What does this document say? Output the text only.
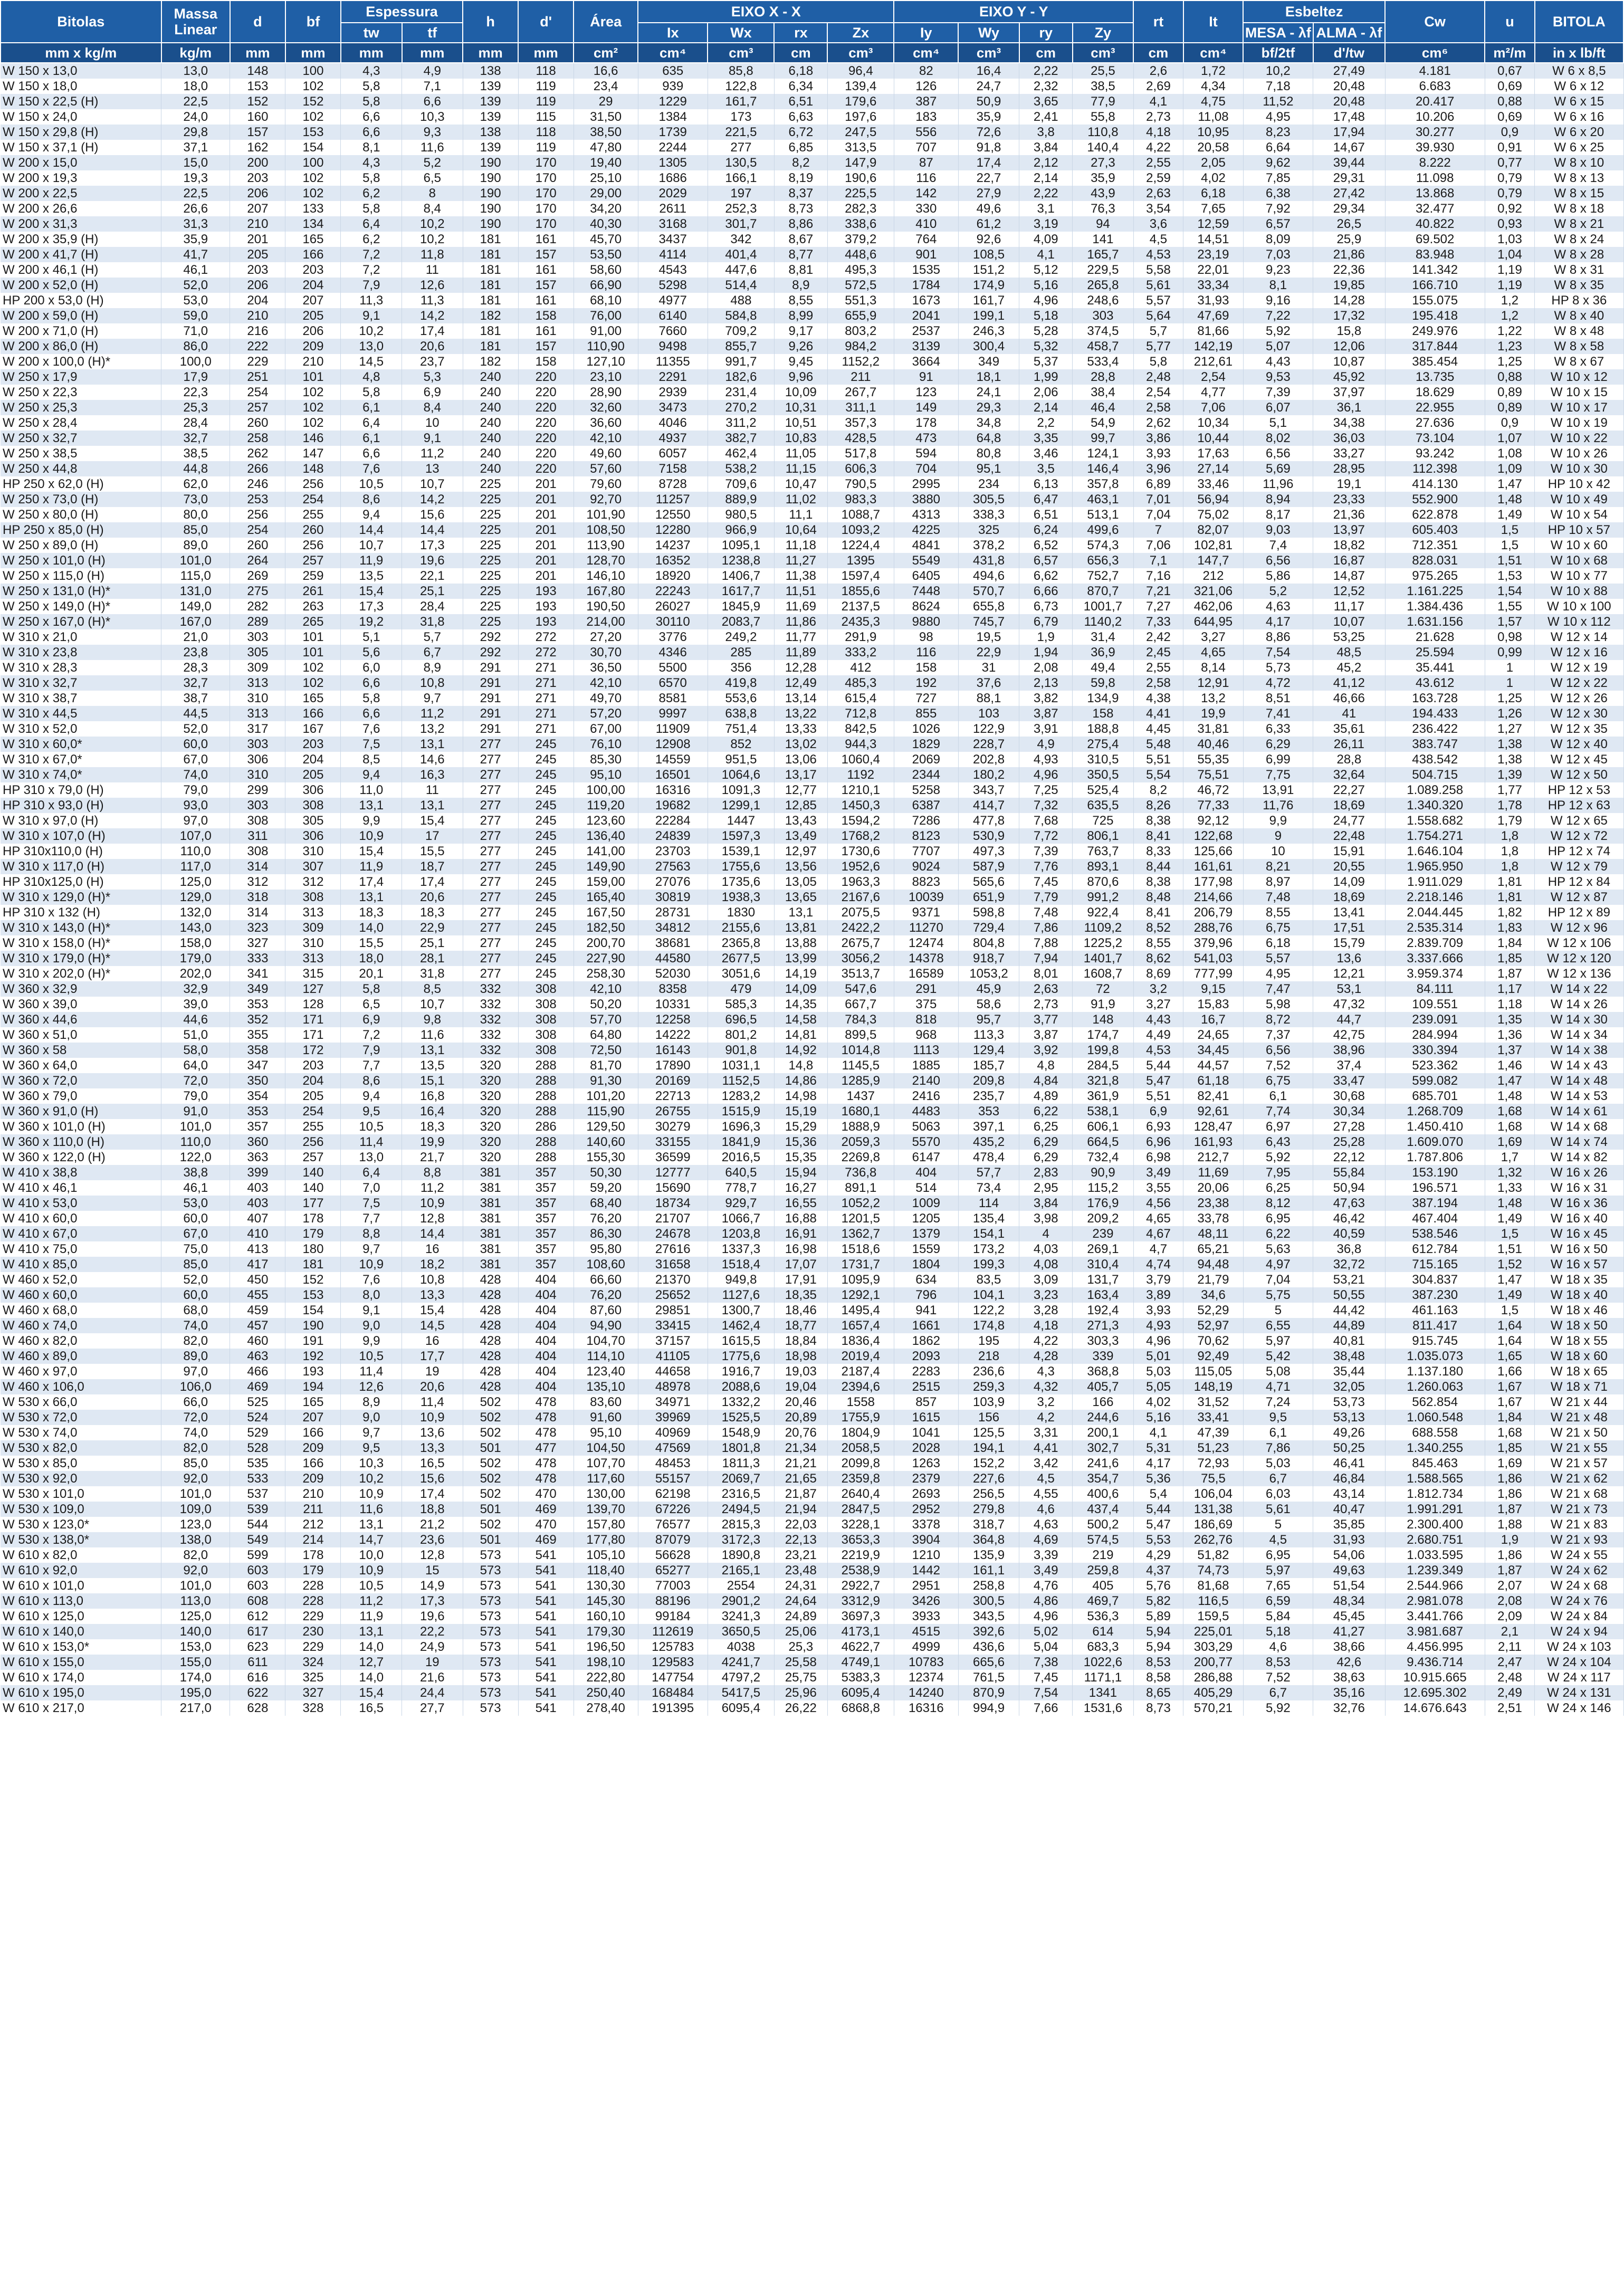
Bitolas	Massa Linear	d	bf	Espessura		h	d'	Área	EIXO X - X				EIXO Y - Y				rt	It	Esbeltez		Cw	u	BITOLA
				tw	tf				Ix	Wx	rx	Zx	Iy	Wy	ry	Zy			MESA - λf	ALMA - λf			
mm x kg/m	kg/m	mm	mm	mm	mm	mm	mm	cm²	cm⁴	cm³	cm	cm³	cm⁴	cm³	cm	cm³	cm	cm⁴	bf/2tf	d'/tw	cm⁶	m²/m	in x lb/ft
W 150 x 13,0	13,0	148	100	4,3	4,9	138	118	16,6	635	85,8	6,18	96,4	82	16,4	2,22	25,5	2,6	1,72	10,2	27,49	4.181	0,67	W 6 x 8,5
W 150 x 18,0	18,0	153	102	5,8	7,1	139	119	23,4	939	122,8	6,34	139,4	126	24,7	2,32	38,5	2,69	4,34	7,18	20,48	6.683	0,69	W 6 x 12
W 150 x 22,5 (H)	22,5	152	152	5,8	6,6	139	119	29	1229	161,7	6,51	179,6	387	50,9	3,65	77,9	4,1	4,75	11,52	20,48	20.417	0,88	W 6 x 15
W 150 x 24,0	24,0	160	102	6,6	10,3	139	115	31,50	1384	173	6,63	197,6	183	35,9	2,41	55,8	2,73	11,08	4,95	17,48	10.206	0,69	W 6 x 16
W 150 x 29,8 (H)	29,8	157	153	6,6	9,3	138	118	38,50	1739	221,5	6,72	247,5	556	72,6	3,8	110,8	4,18	10,95	8,23	17,94	30.277	0,9	W 6 x 20
W 150 x 37,1 (H)	37,1	162	154	8,1	11,6	139	119	47,80	2244	277	6,85	313,5	707	91,8	3,84	140,4	4,22	20,58	6,64	14,67	39.930	0,91	W 6 x 25
W 200 x 15,0	15,0	200	100	4,3	5,2	190	170	19,40	1305	130,5	8,2	147,9	87	17,4	2,12	27,3	2,55	2,05	9,62	39,44	8.222	0,77	W 8 x 10
W 200 x 19,3	19,3	203	102	5,8	6,5	190	170	25,10	1686	166,1	8,19	190,6	116	22,7	2,14	35,9	2,59	4,02	7,85	29,31	11.098	0,79	W 8 x 13
W 200 x 22,5	22,5	206	102	6,2	8	190	170	29,00	2029	197	8,37	225,5	142	27,9	2,22	43,9	2,63	6,18	6,38	27,42	13.868	0,79	W 8 x 15
W 200 x 26,6	26,6	207	133	5,8	8,4	190	170	34,20	2611	252,3	8,73	282,3	330	49,6	3,1	76,3	3,54	7,65	7,92	29,34	32.477	0,92	W 8 x 18
W 200 x 31,3	31,3	210	134	6,4	10,2	190	170	40,30	3168	301,7	8,86	338,6	410	61,2	3,19	94	3,6	12,59	6,57	26,5	40.822	0,93	W 8 x 21
W 200 x 35,9 (H)	35,9	201	165	6,2	10,2	181	161	45,70	3437	342	8,67	379,2	764	92,6	4,09	141	4,5	14,51	8,09	25,9	69.502	1,03	W 8 x 24
W 200 x 41,7 (H)	41,7	205	166	7,2	11,8	181	157	53,50	4114	401,4	8,77	448,6	901	108,5	4,1	165,7	4,53	23,19	7,03	21,86	83.948	1,04	W 8 x 28
W 200 x 46,1 (H)	46,1	203	203	7,2	11	181	161	58,60	4543	447,6	8,81	495,3	1535	151,2	5,12	229,5	5,58	22,01	9,23	22,36	141.342	1,19	W 8 x 31
W 200 x 52,0 (H)	52,0	206	204	7,9	12,6	181	157	66,90	5298	514,4	8,9	572,5	1784	174,9	5,16	265,8	5,61	33,34	8,1	19,85	166.710	1,19	W 8 x 35
HP 200 x 53,0 (H)	53,0	204	207	11,3	11,3	181	161	68,10	4977	488	8,55	551,3	1673	161,7	4,96	248,6	5,57	31,93	9,16	14,28	155.075	1,2	HP 8 x 36
W 200 x 59,0 (H)	59,0	210	205	9,1	14,2	182	158	76,00	6140	584,8	8,99	655,9	2041	199,1	5,18	303	5,64	47,69	7,22	17,32	195.418	1,2	W 8 x 40
W 200 x 71,0 (H)	71,0	216	206	10,2	17,4	181	161	91,00	7660	709,2	9,17	803,2	2537	246,3	5,28	374,5	5,7	81,66	5,92	15,8	249.976	1,22	W 8 x 48
W 200 x 86,0 (H)	86,0	222	209	13,0	20,6	181	157	110,90	9498	855,7	9,26	984,2	3139	300,4	5,32	458,7	5,77	142,19	5,07	12,06	317.844	1,23	W 8 x 58
W 200 x 100,0 (H)*	100,0	229	210	14,5	23,7	182	158	127,10	11355	991,7	9,45	1152,2	3664	349	5,37	533,4	5,8	212,61	4,43	10,87	385.454	1,25	W 8 x 67
W 250 x 17,9	17,9	251	101	4,8	5,3	240	220	23,10	2291	182,6	9,96	211	91	18,1	1,99	28,8	2,48	2,54	9,53	45,92	13.735	0,88	W 10 x 12
W 250 x 22,3	22,3	254	102	5,8	6,9	240	220	28,90	2939	231,4	10,09	267,7	123	24,1	2,06	38,4	2,54	4,77	7,39	37,97	18.629	0,89	W 10 x 15
W 250 x 25,3	25,3	257	102	6,1	8,4	240	220	32,60	3473	270,2	10,31	311,1	149	29,3	2,14	46,4	2,58	7,06	6,07	36,1	22.955	0,89	W 10 x 17
W 250 x 28,4	28,4	260	102	6,4	10	240	220	36,60	4046	311,2	10,51	357,3	178	34,8	2,2	54,9	2,62	10,34	5,1	34,38	27.636	0,9	W 10 x 19
W 250 x 32,7	32,7	258	146	6,1	9,1	240	220	42,10	4937	382,7	10,83	428,5	473	64,8	3,35	99,7	3,86	10,44	8,02	36,03	73.104	1,07	W 10 x 22
W 250 x 38,5	38,5	262	147	6,6	11,2	240	220	49,60	6057	462,4	11,05	517,8	594	80,8	3,46	124,1	3,93	17,63	6,56	33,27	93.242	1,08	W 10 x 26
W 250 x 44,8	44,8	266	148	7,6	13	240	220	57,60	7158	538,2	11,15	606,3	704	95,1	3,5	146,4	3,96	27,14	5,69	28,95	112.398	1,09	W 10 x 30
HP 250 x 62,0 (H)	62,0	246	256	10,5	10,7	225	201	79,60	8728	709,6	10,47	790,5	2995	234	6,13	357,8	6,89	33,46	11,96	19,1	414.130	1,47	HP 10 x 42
W 250 x 73,0 (H)	73,0	253	254	8,6	14,2	225	201	92,70	11257	889,9	11,02	983,3	3880	305,5	6,47	463,1	7,01	56,94	8,94	23,33	552.900	1,48	W 10 x 49
W 250 x 80,0 (H)	80,0	256	255	9,4	15,6	225	201	101,90	12550	980,5	11,1	1088,7	4313	338,3	6,51	513,1	7,04	75,02	8,17	21,36	622.878	1,49	W 10 x 54
HP 250 x 85,0 (H)	85,0	254	260	14,4	14,4	225	201	108,50	12280	966,9	10,64	1093,2	4225	325	6,24	499,6	7	82,07	9,03	13,97	605.403	1,5	HP 10 x 57
W 250 x 89,0 (H)	89,0	260	256	10,7	17,3	225	201	113,90	14237	1095,1	11,18	1224,4	4841	378,2	6,52	574,3	7,06	102,81	7,4	18,82	712.351	1,5	W 10 x 60
W 250 x 101,0 (H)	101,0	264	257	11,9	19,6	225	201	128,70	16352	1238,8	11,27	1395	5549	431,8	6,57	656,3	7,1	147,7	6,56	16,87	828.031	1,51	W 10 x 68
W 250 x 115,0 (H)	115,0	269	259	13,5	22,1	225	201	146,10	18920	1406,7	11,38	1597,4	6405	494,6	6,62	752,7	7,16	212	5,86	14,87	975.265	1,53	W 10 x 77
W 250 x 131,0 (H)*	131,0	275	261	15,4	25,1	225	193	167,80	22243	1617,7	11,51	1855,6	7448	570,7	6,66	870,7	7,21	321,06	5,2	12,52	1.161.225	1,54	W 10 x 88
W 250 x 149,0 (H)*	149,0	282	263	17,3	28,4	225	193	190,50	26027	1845,9	11,69	2137,5	8624	655,8	6,73	1001,7	7,27	462,06	4,63	11,17	1.384.436	1,55	W 10 x 100
W 250 x 167,0 (H)*	167,0	289	265	19,2	31,8	225	193	214,00	30110	2083,7	11,86	2435,3	9880	745,7	6,79	1140,2	7,33	644,95	4,17	10,07	1.631.156	1,57	W 10 x 112
W 310 x 21,0	21,0	303	101	5,1	5,7	292	272	27,20	3776	249,2	11,77	291,9	98	19,5	1,9	31,4	2,42	3,27	8,86	53,25	21.628	0,98	W 12 x 14
W 310 x 23,8	23,8	305	101	5,6	6,7	292	272	30,70	4346	285	11,89	333,2	116	22,9	1,94	36,9	2,45	4,65	7,54	48,5	25.594	0,99	W 12 x 16
W 310 x 28,3	28,3	309	102	6,0	8,9	291	271	36,50	5500	356	12,28	412	158	31	2,08	49,4	2,55	8,14	5,73	45,2	35.441	1	W 12 x 19
W 310 x 32,7	32,7	313	102	6,6	10,8	291	271	42,10	6570	419,8	12,49	485,3	192	37,6	2,13	59,8	2,58	12,91	4,72	41,12	43.612	1	W 12 x 22
W 310 x 38,7	38,7	310	165	5,8	9,7	291	271	49,70	8581	553,6	13,14	615,4	727	88,1	3,82	134,9	4,38	13,2	8,51	46,66	163.728	1,25	W 12 x 26
W 310 x 44,5	44,5	313	166	6,6	11,2	291	271	57,20	9997	638,8	13,22	712,8	855	103	3,87	158	4,41	19,9	7,41	41	194.433	1,26	W 12 x 30
W 310 x 52,0	52,0	317	167	7,6	13,2	291	271	67,00	11909	751,4	13,33	842,5	1026	122,9	3,91	188,8	4,45	31,81	6,33	35,61	236.422	1,27	W 12 x 35
W 310 x 60,0*	60,0	303	203	7,5	13,1	277	245	76,10	12908	852	13,02	944,3	1829	228,7	4,9	275,4	5,48	40,46	6,29	26,11	383.747	1,38	W 12 x 40
W 310 x 67,0*	67,0	306	204	8,5	14,6	277	245	85,30	14559	951,5	13,06	1060,4	2069	202,8	4,93	310,5	5,51	55,35	6,99	28,8	438.542	1,38	W 12 x 45
W 310 x 74,0*	74,0	310	205	9,4	16,3	277	245	95,10	16501	1064,6	13,17	1192	2344	180,2	4,96	350,5	5,54	75,51	7,75	32,64	504.715	1,39	W 12 x 50
HP 310 x 79,0 (H)	79,0	299	306	11,0	11	277	245	100,00	16316	1091,3	12,77	1210,1	5258	343,7	7,25	525,4	8,2	46,72	13,91	22,27	1.089.258	1,77	HP 12 x 53
HP 310 x 93,0 (H)	93,0	303	308	13,1	13,1	277	245	119,20	19682	1299,1	12,85	1450,3	6387	414,7	7,32	635,5	8,26	77,33	11,76	18,69	1.340.320	1,78	HP 12 x 63
W 310 x 97,0 (H)	97,0	308	305	9,9	15,4	277	245	123,60	22284	1447	13,43	1594,2	7286	477,8	7,68	725	8,38	92,12	9,9	24,77	1.558.682	1,79	W 12 x 65
W 310 x 107,0 (H)	107,0	311	306	10,9	17	277	245	136,40	24839	1597,3	13,49	1768,2	8123	530,9	7,72	806,1	8,41	122,68	9	22,48	1.754.271	1,8	W 12 x 72
HP 310x110,0 (H)	110,0	308	310	15,4	15,5	277	245	141,00	23703	1539,1	12,97	1730,6	7707	497,3	7,39	763,7	8,33	125,66	10	15,91	1.646.104	1,8	HP 12 x 74
W 310 x 117,0 (H)	117,0	314	307	11,9	18,7	277	245	149,90	27563	1755,6	13,56	1952,6	9024	587,9	7,76	893,1	8,44	161,61	8,21	20,55	1.965.950	1,8	W 12 x 79
HP 310x125,0 (H)	125,0	312	312	17,4	17,4	277	245	159,00	27076	1735,6	13,05	1963,3	8823	565,6	7,45	870,6	8,38	177,98	8,97	14,09	1.911.029	1,81	HP 12 x 84
W 310 x 129,0 (H)*	129,0	318	308	13,1	20,6	277	245	165,40	30819	1938,3	13,65	2167,6	10039	651,9	7,79	991,2	8,48	214,66	7,48	18,69	2.218.146	1,81	W 12 x 87
HP 310 x 132 (H)	132,0	314	313	18,3	18,3	277	245	167,50	28731	1830	13,1	2075,5	9371	598,8	7,48	922,4	8,41	206,79	8,55	13,41	2.044.445	1,82	HP 12 x 89
W 310 x 143,0 (H)*	143,0	323	309	14,0	22,9	277	245	182,50	34812	2155,6	13,81	2422,2	11270	729,4	7,86	1109,2	8,52	288,76	6,75	17,51	2.535.314	1,83	W 12 x 96
W 310 x 158,0 (H)*	158,0	327	310	15,5	25,1	277	245	200,70	38681	2365,8	13,88	2675,7	12474	804,8	7,88	1225,2	8,55	379,96	6,18	15,79	2.839.709	1,84	W 12 x 106
W 310 x 179,0 (H)*	179,0	333	313	18,0	28,1	277	245	227,90	44580	2677,5	13,99	3056,2	14378	918,7	7,94	1401,7	8,62	541,03	5,57	13,6	3.337.666	1,85	W 12 x 120
W 310 x 202,0 (H)*	202,0	341	315	20,1	31,8	277	245	258,30	52030	3051,6	14,19	3513,7	16589	1053,2	8,01	1608,7	8,69	777,99	4,95	12,21	3.959.374	1,87	W 12 x 136
W 360 x 32,9	32,9	349	127	5,8	8,5	332	308	42,10	8358	479	14,09	547,6	291	45,9	2,63	72	3,2	9,15	7,47	53,1	84.111	1,17	W 14 x 22
W 360 x 39,0	39,0	353	128	6,5	10,7	332	308	50,20	10331	585,3	14,35	667,7	375	58,6	2,73	91,9	3,27	15,83	5,98	47,32	109.551	1,18	W 14 x 26
W 360 x 44,6	44,6	352	171	6,9	9,8	332	308	57,70	12258	696,5	14,58	784,3	818	95,7	3,77	148	4,43	16,7	8,72	44,7	239.091	1,35	W 14 x 30
W 360 x 51,0	51,0	355	171	7,2	11,6	332	308	64,80	14222	801,2	14,81	899,5	968	113,3	3,87	174,7	4,49	24,65	7,37	42,75	284.994	1,36	W 14 x 34
W 360 x 58	58,0	358	172	7,9	13,1	332	308	72,50	16143	901,8	14,92	1014,8	1113	129,4	3,92	199,8	4,53	34,45	6,56	38,96	330.394	1,37	W 14 x 38
W 360 x 64,0	64,0	347	203	7,7	13,5	320	288	81,70	17890	1031,1	14,8	1145,5	1885	185,7	4,8	284,5	5,44	44,57	7,52	37,4	523.362	1,46	W 14 x 43
W 360 x 72,0	72,0	350	204	8,6	15,1	320	288	91,30	20169	1152,5	14,86	1285,9	2140	209,8	4,84	321,8	5,47	61,18	6,75	33,47	599.082	1,47	W 14 x 48
W 360 x 79,0	79,0	354	205	9,4	16,8	320	288	101,20	22713	1283,2	14,98	1437	2416	235,7	4,89	361,9	5,51	82,41	6,1	30,68	685.701	1,48	W 14 x 53
W 360 x 91,0 (H)	91,0	353	254	9,5	16,4	320	288	115,90	26755	1515,9	15,19	1680,1	4483	353	6,22	538,1	6,9	92,61	7,74	30,34	1.268.709	1,68	W 14 x 61
W 360 x 101,0 (H)	101,0	357	255	10,5	18,3	320	286	129,50	30279	1696,3	15,29	1888,9	5063	397,1	6,25	606,1	6,93	128,47	6,97	27,28	1.450.410	1,68	W 14 x 68
W 360 x 110,0 (H)	110,0	360	256	11,4	19,9	320	288	140,60	33155	1841,9	15,36	2059,3	5570	435,2	6,29	664,5	6,96	161,93	6,43	25,28	1.609.070	1,69	W 14 x 74
W 360 x 122,0 (H)	122,0	363	257	13,0	21,7	320	288	155,30	36599	2016,5	15,35	2269,8	6147	478,4	6,29	732,4	6,98	212,7	5,92	22,12	1.787.806	1,7	W 14 x 82
W 410 x 38,8	38,8	399	140	6,4	8,8	381	357	50,30	12777	640,5	15,94	736,8	404	57,7	2,83	90,9	3,49	11,69	7,95	55,84	153.190	1,32	W 16 x 26
W 410 x 46,1	46,1	403	140	7,0	11,2	381	357	59,20	15690	778,7	16,27	891,1	514	73,4	2,95	115,2	3,55	20,06	6,25	50,94	196.571	1,33	W 16 x 31
W 410 x 53,0	53,0	403	177	7,5	10,9	381	357	68,40	18734	929,7	16,55	1052,2	1009	114	3,84	176,9	4,56	23,38	8,12	47,63	387.194	1,48	W 16 x 36
W 410 x 60,0	60,0	407	178	7,7	12,8	381	357	76,20	21707	1066,7	16,88	1201,5	1205	135,4	3,98	209,2	4,65	33,78	6,95	46,42	467.404	1,49	W 16 x 40
W 410 x 67,0	67,0	410	179	8,8	14,4	381	357	86,30	24678	1203,8	16,91	1362,7	1379	154,1	4	239	4,67	48,11	6,22	40,59	538.546	1,5	W 16 x 45
W 410 x 75,0	75,0	413	180	9,7	16	381	357	95,80	27616	1337,3	16,98	1518,6	1559	173,2	4,03	269,1	4,7	65,21	5,63	36,8	612.784	1,51	W 16 x 50
W 410 x 85,0	85,0	417	181	10,9	18,2	381	357	108,60	31658	1518,4	17,07	1731,7	1804	199,3	4,08	310,4	4,74	94,48	4,97	32,72	715.165	1,52	W 16 x 57
W 460 x 52,0	52,0	450	152	7,6	10,8	428	404	66,60	21370	949,8	17,91	1095,9	634	83,5	3,09	131,7	3,79	21,79	7,04	53,21	304.837	1,47	W 18 x 35
W 460 x 60,0	60,0	455	153	8,0	13,3	428	404	76,20	25652	1127,6	18,35	1292,1	796	104,1	3,23	163,4	3,89	34,6	5,75	50,55	387.230	1,49	W 18 x 40
W 460 x 68,0	68,0	459	154	9,1	15,4	428	404	87,60	29851	1300,7	18,46	1495,4	941	122,2	3,28	192,4	3,93	52,29	5	44,42	461.163	1,5	W 18 x 46
W 460 x 74,0	74,0	457	190	9,0	14,5	428	404	94,90	33415	1462,4	18,77	1657,4	1661	174,8	4,18	271,3	4,93	52,97	6,55	44,89	811.417	1,64	W 18 x 50
W 460 x 82,0	82,0	460	191	9,9	16	428	404	104,70	37157	1615,5	18,84	1836,4	1862	195	4,22	303,3	4,96	70,62	5,97	40,81	915.745	1,64	W 18 x 55
W 460 x 89,0	89,0	463	192	10,5	17,7	428	404	114,10	41105	1775,6	18,98	2019,4	2093	218	4,28	339	5,01	92,49	5,42	38,48	1.035.073	1,65	W 18 x 60
W 460 x 97,0	97,0	466	193	11,4	19	428	404	123,40	44658	1916,7	19,03	2187,4	2283	236,6	4,3	368,8	5,03	115,05	5,08	35,44	1.137.180	1,66	W 18 x 65
W 460 x 106,0	106,0	469	194	12,6	20,6	428	404	135,10	48978	2088,6	19,04	2394,6	2515	259,3	4,32	405,7	5,05	148,19	4,71	32,05	1.260.063	1,67	W 18 x 71
W 530 x 66,0	66,0	525	165	8,9	11,4	502	478	83,60	34971	1332,2	20,46	1558	857	103,9	3,2	166	4,02	31,52	7,24	53,73	562.854	1,67	W 21 x 44
W 530 x 72,0	72,0	524	207	9,0	10,9	502	478	91,60	39969	1525,5	20,89	1755,9	1615	156	4,2	244,6	5,16	33,41	9,5	53,13	1.060.548	1,84	W 21 x 48
W 530 x 74,0	74,0	529	166	9,7	13,6	502	478	95,10	40969	1548,9	20,76	1804,9	1041	125,5	3,31	200,1	4,1	47,39	6,1	49,26	688.558	1,68	W 21 x 50
W 530 x 82,0	82,0	528	209	9,5	13,3	501	477	104,50	47569	1801,8	21,34	2058,5	2028	194,1	4,41	302,7	5,31	51,23	7,86	50,25	1.340.255	1,85	W 21 x 55
W 530 x 85,0	85,0	535	166	10,3	16,5	502	478	107,70	48453	1811,3	21,21	2099,8	1263	152,2	3,42	241,6	4,17	72,93	5,03	46,41	845.463	1,69	W 21 x 57
W 530 x 92,0	92,0	533	209	10,2	15,6	502	478	117,60	55157	2069,7	21,65	2359,8	2379	227,6	4,5	354,7	5,36	75,5	6,7	46,84	1.588.565	1,86	W 21 x 62
W 530 x 101,0	101,0	537	210	10,9	17,4	502	470	130,00	62198	2316,5	21,87	2640,4	2693	256,5	4,55	400,6	5,4	106,04	6,03	43,14	1.812.734	1,86	W 21 x 68
W 530 x 109,0	109,0	539	211	11,6	18,8	501	469	139,70	67226	2494,5	21,94	2847,5	2952	279,8	4,6	437,4	5,44	131,38	5,61	40,47	1.991.291	1,87	W 21 x 73
W 530 x 123,0*	123,0	544	212	13,1	21,2	502	470	157,80	76577	2815,3	22,03	3228,1	3378	318,7	4,63	500,2	5,47	186,69	5	35,85	2.300.400	1,88	W 21 x 83
W 530 x 138,0*	138,0	549	214	14,7	23,6	501	469	177,80	87079	3172,3	22,13	3653,3	3904	364,8	4,69	574,5	5,53	262,76	4,5	31,93	2.680.751	1,9	W 21 x 93
W 610 x 82,0	82,0	599	178	10,0	12,8	573	541	105,10	56628	1890,8	23,21	2219,9	1210	135,9	3,39	219	4,29	51,82	6,95	54,06	1.033.595	1,86	W 24 x 55
W 610 x 92,0	92,0	603	179	10,9	15	573	541	118,40	65277	2165,1	23,48	2538,9	1442	161,1	3,49	259,8	4,37	74,73	5,97	49,63	1.239.349	1,87	W 24 x 62
W 610 x 101,0	101,0	603	228	10,5	14,9	573	541	130,30	77003	2554	24,31	2922,7	2951	258,8	4,76	405	5,76	81,68	7,65	51,54	2.544.966	2,07	W 24 x 68
W 610 x 113,0	113,0	608	228	11,2	17,3	573	541	145,30	88196	2901,2	24,64	3312,9	3426	300,5	4,86	469,7	5,82	116,5	6,59	48,34	2.981.078	2,08	W 24 x 76
W 610 x 125,0	125,0	612	229	11,9	19,6	573	541	160,10	99184	3241,3	24,89	3697,3	3933	343,5	4,96	536,3	5,89	159,5	5,84	45,45	3.441.766	2,09	W 24 x 84
W 610 x 140,0	140,0	617	230	13,1	22,2	573	541	179,30	112619	3650,5	25,06	4173,1	4515	392,6	5,02	614	5,94	225,01	5,18	41,27	3.981.687	2,1	W 24 x 94
W 610 x 153,0*	153,0	623	229	14,0	24,9	573	541	196,50	125783	4038	25,3	4622,7	4999	436,6	5,04	683,3	5,94	303,29	4,6	38,66	4.456.995	2,11	W 24 x 103
W 610 x 155,0	155,0	611	324	12,7	19	573	541	198,10	129583	4241,7	25,58	4749,1	10783	665,6	7,38	1022,6	8,53	200,77	8,53	42,6	9.436.714	2,47	W 24 x 104
W 610 x 174,0	174,0	616	325	14,0	21,6	573	541	222,80	147754	4797,2	25,75	5383,3	12374	761,5	7,45	1171,1	8,58	286,88	7,52	38,63	10.915.665	2,48	W 24 x 117
W 610 x 195,0	195,0	622	327	15,4	24,4	573	541	250,40	168484	5417,5	25,96	6095,4	14240	870,9	7,54	1341	8,65	405,29	6,7	35,16	12.695.302	2,49	W 24 x 131
W 610 x 217,0	217,0	628	328	16,5	27,7	573	541	278,40	191395	6095,4	26,22	6868,8	16316	994,9	7,66	1531,6	8,73	570,21	5,92	32,76	14.676.643	2,51	W 24 x 146
